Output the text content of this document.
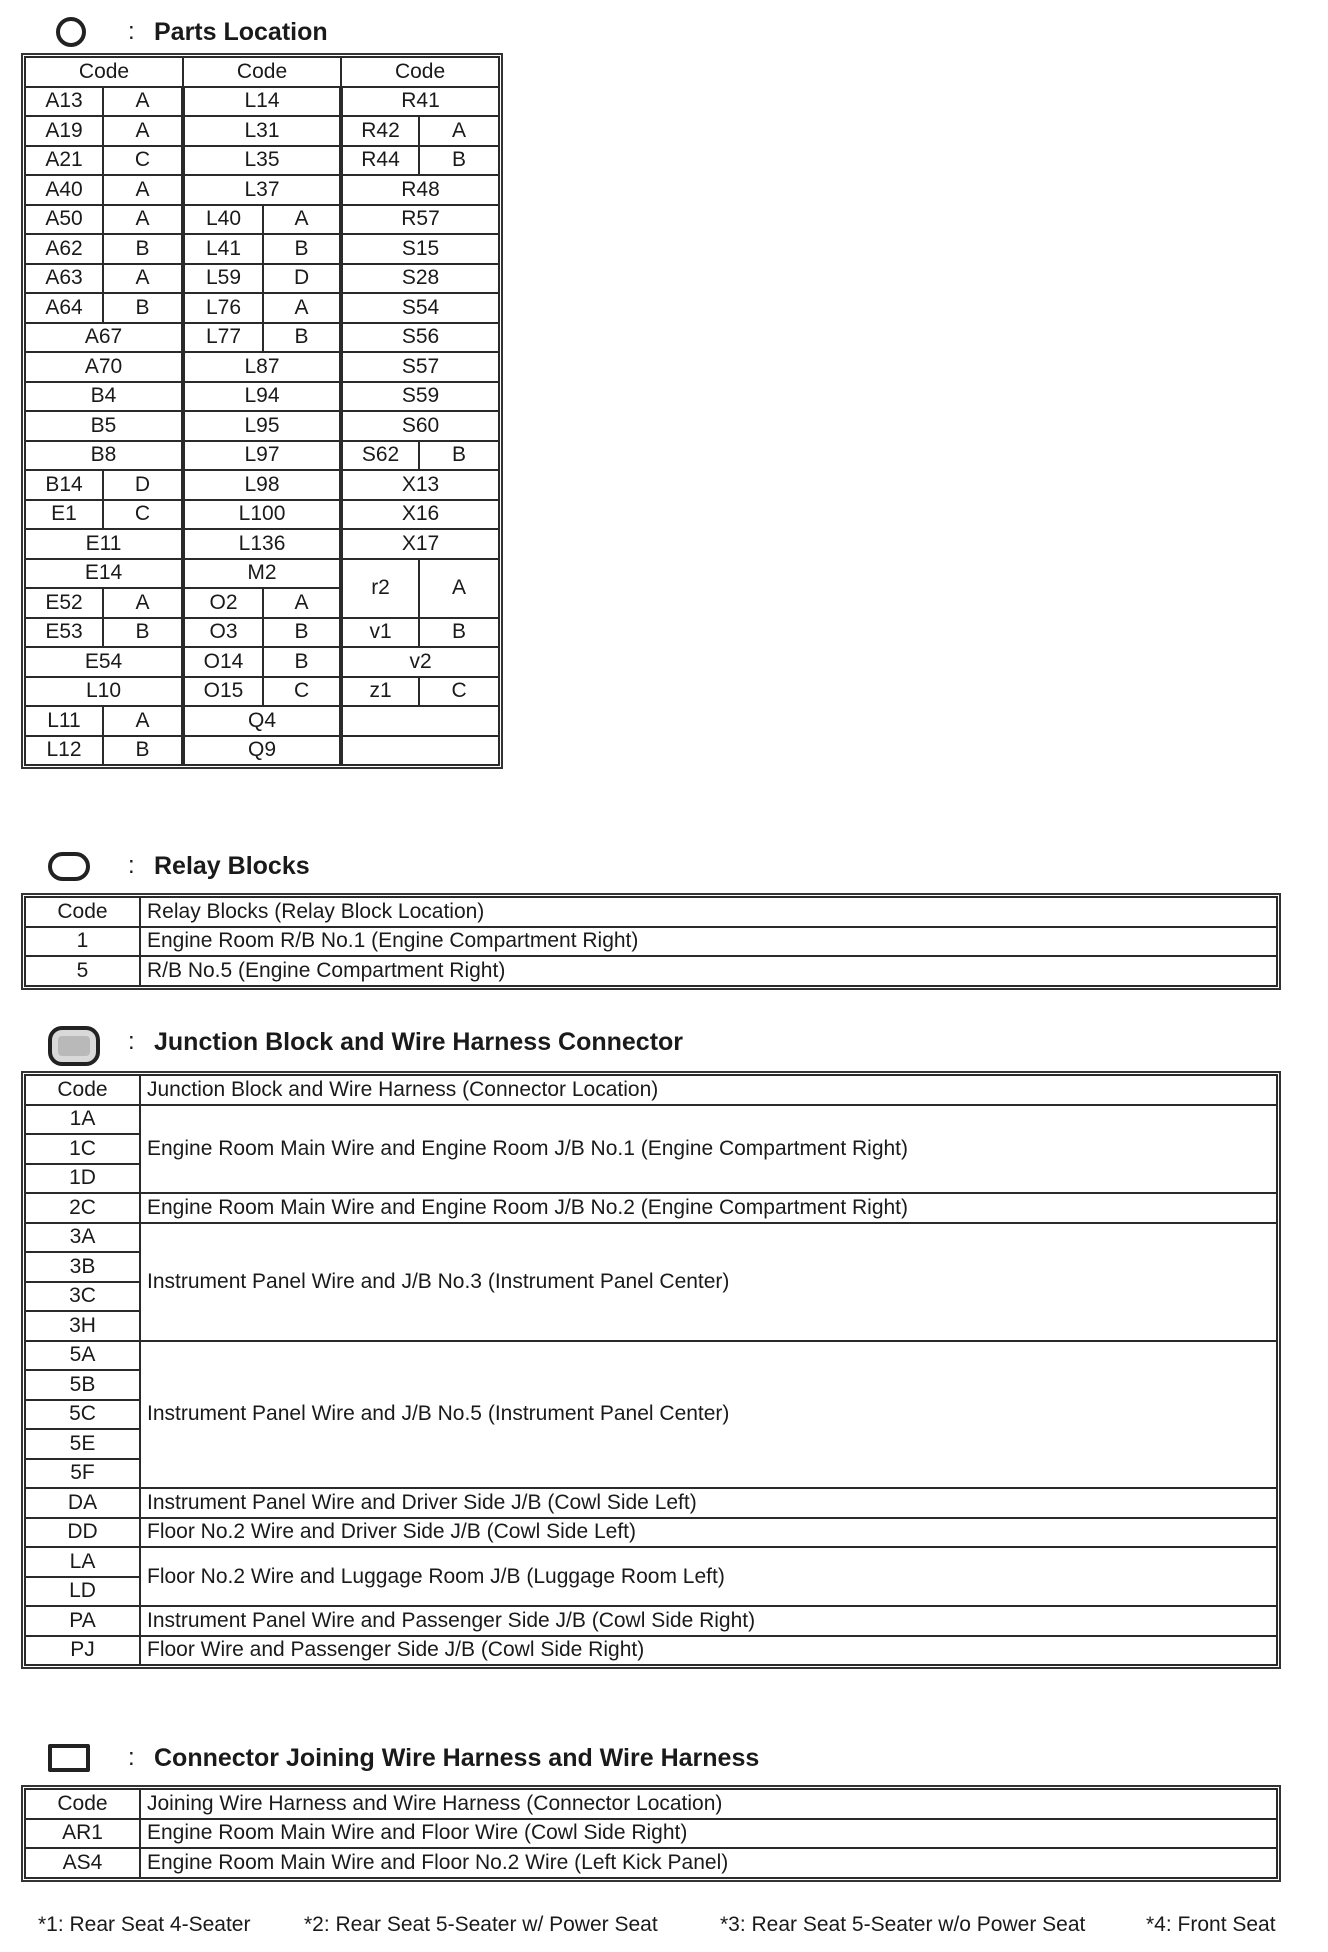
: Parts Location
Code		Code		Code	
A13	A	L14		R41	
A19	A	L31		R42	A
A21	C	L35		R44	B
A40	A	L37		R48	
A50	A	L40	A	R57	
A62	B	L41	B	S15	
A63	A	L59	D	S28	
A64	B	L76	A	S54	
A67		L77	B	S56	
A70		L87		S57	
B4		L94		S59	
B5		L95		S60	
B8		L97		S62	B
B14	D	L98		X13	
E1	C	L100		X16	
E11		L136		X17	
E14		M2		r2	A
E52	A	O2	A		
E53	B	O3	B	v1	B
E54		O14	B	v2	
L10		O15	C	z1	C
L11	A	Q4			
L12	B	Q9			
: Relay Blocks
Code	Relay Blocks (Relay Block Location)
1	Engine Room R/B No.1 (Engine Compartment Right)
5	R/B No.5 (Engine Compartment Right)
: Junction Block and Wire Harness Connector
Code	Junction Block and Wire Harness (Connector Location)
1A	Engine Room Main Wire and Engine Room J/B No.1 (Engine Compartment Right)
1C	
1D	
2C	Engine Room Main Wire and Engine Room J/B No.2 (Engine Compartment Right)
3A	Instrument Panel Wire and J/B No.3 (Instrument Panel Center)
3B	
3C	
3H	
5A	Instrument Panel Wire and J/B No.5 (Instrument Panel Center)
5B	
5C	
5E	
5F	
DA	Instrument Panel Wire and Driver Side J/B (Cowl Side Left)
DD	Floor No.2 Wire and Driver Side J/B (Cowl Side Left)
LA	Floor No.2 Wire and Luggage Room J/B (Luggage Room Left)
LD	
PA	Instrument Panel Wire and Passenger Side J/B (Cowl Side Right)
PJ	Floor Wire and Passenger Side J/B (Cowl Side Right)
: Connector Joining Wire Harness and Wire Harness
Code	Joining Wire Harness and Wire Harness (Connector Location)
AR1	Engine Room Main Wire and Floor Wire (Cowl Side Right)
AS4	Engine Room Main Wire and Floor No.2 Wire (Left Kick Panel)
*1: Rear Seat 4-Seater	*2: Rear Seat 5-Seater w/ Power Seat	*3: Rear Seat 5-Seater w/o Power Seat	*4: Front Seat
